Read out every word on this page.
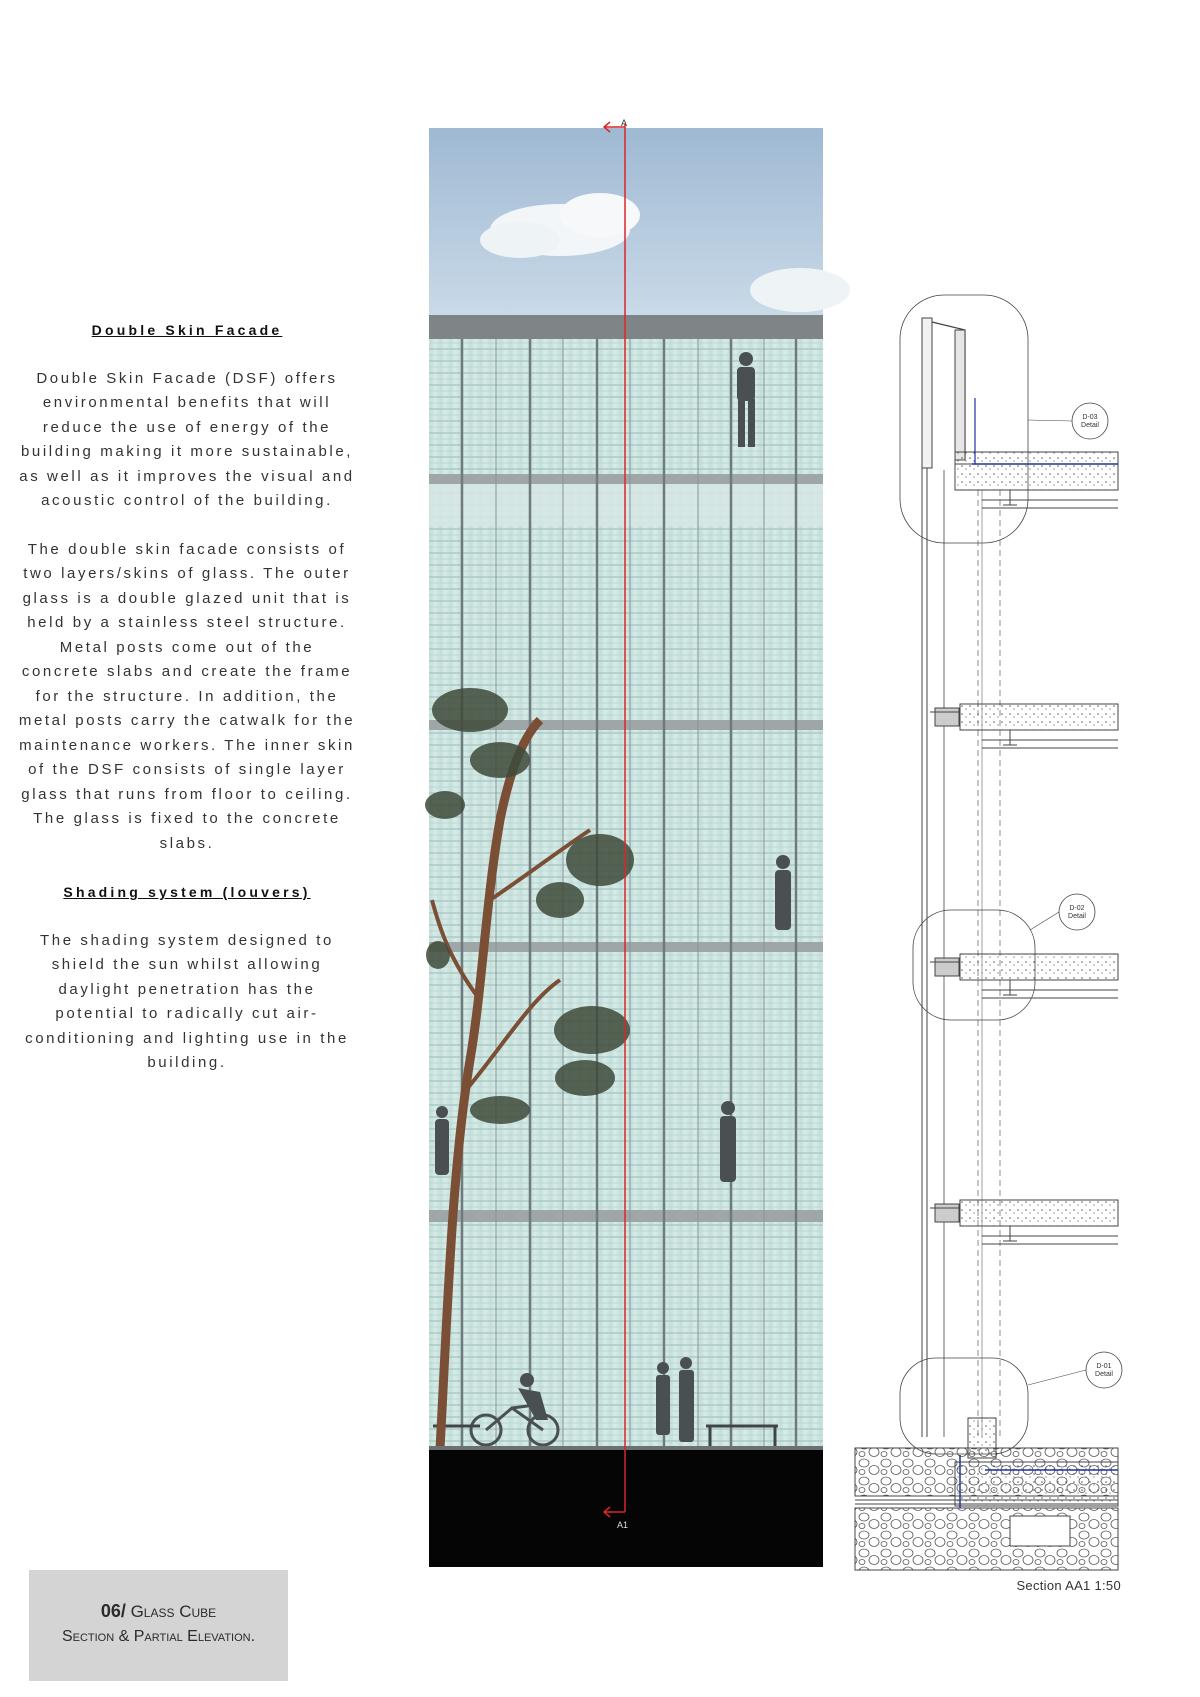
Double Skin Facade

Double Skin Facade (DSF) offers environmental benefits that will reduce the use of energy of the building making it more sustainable, as well as it improves the visual and acoustic control of the building.

The double skin facade consists of two layers/skins of glass. The outer glass is a double glazed unit that is held by a stainless steel structure. Metal posts come out of the concrete slabs and create the frame for the structure. In addition, the metal posts carry the catwalk for the maintenance workers. The inner skin of the DSF consists of single layer glass that runs from floor to ceiling. The glass is fixed to the concrete slabs.

Shading system (louvers)

The shading system designed to shield the sun whilst allowing daylight penetration has the potential to radically cut air-conditioning and lighting use in the building.

A
A1
D-03
Detail
D-02
Detail
D-01
Detail
Section AA1 1:50
06/ Glass Cube
Section & Partial Elevation.
